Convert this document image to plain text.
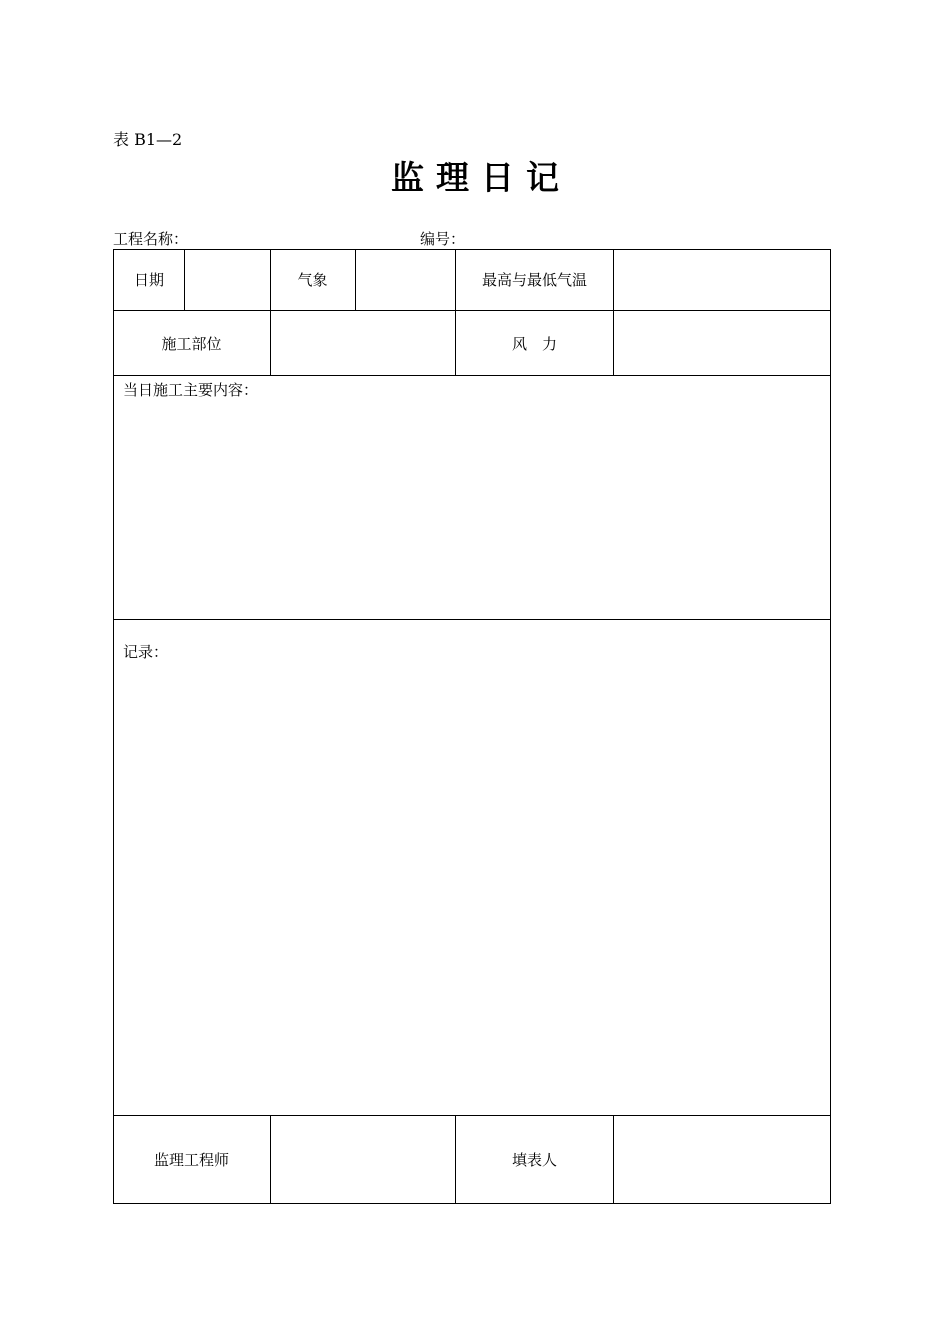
表 B1—2
监理日记
工程名称：	编号：
日期	气象	最高与最低气温
施工部位	风　力
当日施工主要内容：
记录：
监理工程师	填表人
